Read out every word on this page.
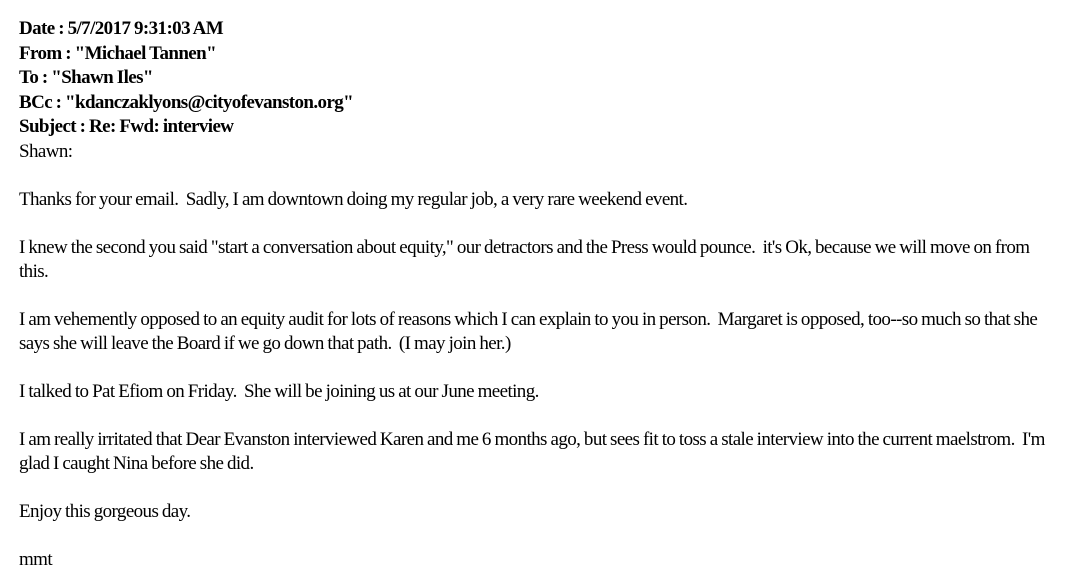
Date : 5/7/2017 9:31:03 AM
From : "Michael Tannen"
To : "Shawn Iles"
BCc : "kdanczaklyons@cityofevanston.org"
Subject : Re: Fwd: interview
Shawn:

Thanks for your email.  Sadly, I am downtown doing my regular job, a very rare weekend event.

I knew the second you said "start a conversation about equity," our detractors and the Press would pounce.  it's Ok, because we will move on from this.

I am vehemently opposed to an equity audit for lots of reasons which I can explain to you in person.  Margaret is opposed, too--so much so that she says she will leave the Board if we go down that path.  (I may join her.)

I talked to Pat Efiom on Friday.  She will be joining us at our June meeting.

I am really irritated that Dear Evanston interviewed Karen and me 6 months ago, but sees fit to toss a stale interview into the current maelstrom.  I'm glad I caught Nina before she did.

Enjoy this gorgeous day.

mmt
